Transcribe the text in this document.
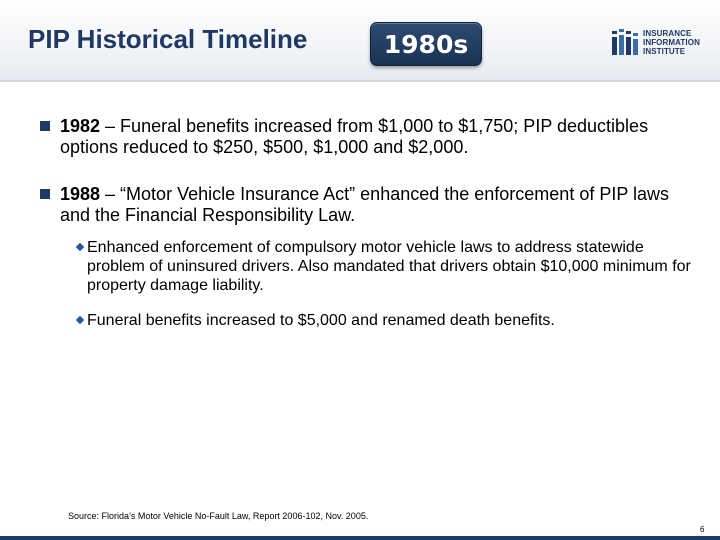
PIP Historical Timeline	1980s	INSURANCE
INFORMATION
INSTITUTE
1982 – Funeral benefits increased from $1,000 to $1,750; PIP deductibles options reduced to $250, $500, $1,000 and $2,000.
1988 – “Motor Vehicle Insurance Act” enhanced the enforcement of PIP laws and the Financial Responsibility Law.
Enhanced enforcement of compulsory motor vehicle laws to address statewide problem of uninsured drivers. Also mandated that drivers obtain $10,000 minimum for property damage liability.
Funeral benefits increased to $5,000 and renamed death benefits.
Source: Florida’s Motor Vehicle No-Fault Law, Report 2006-102, Nov. 2005.
6
